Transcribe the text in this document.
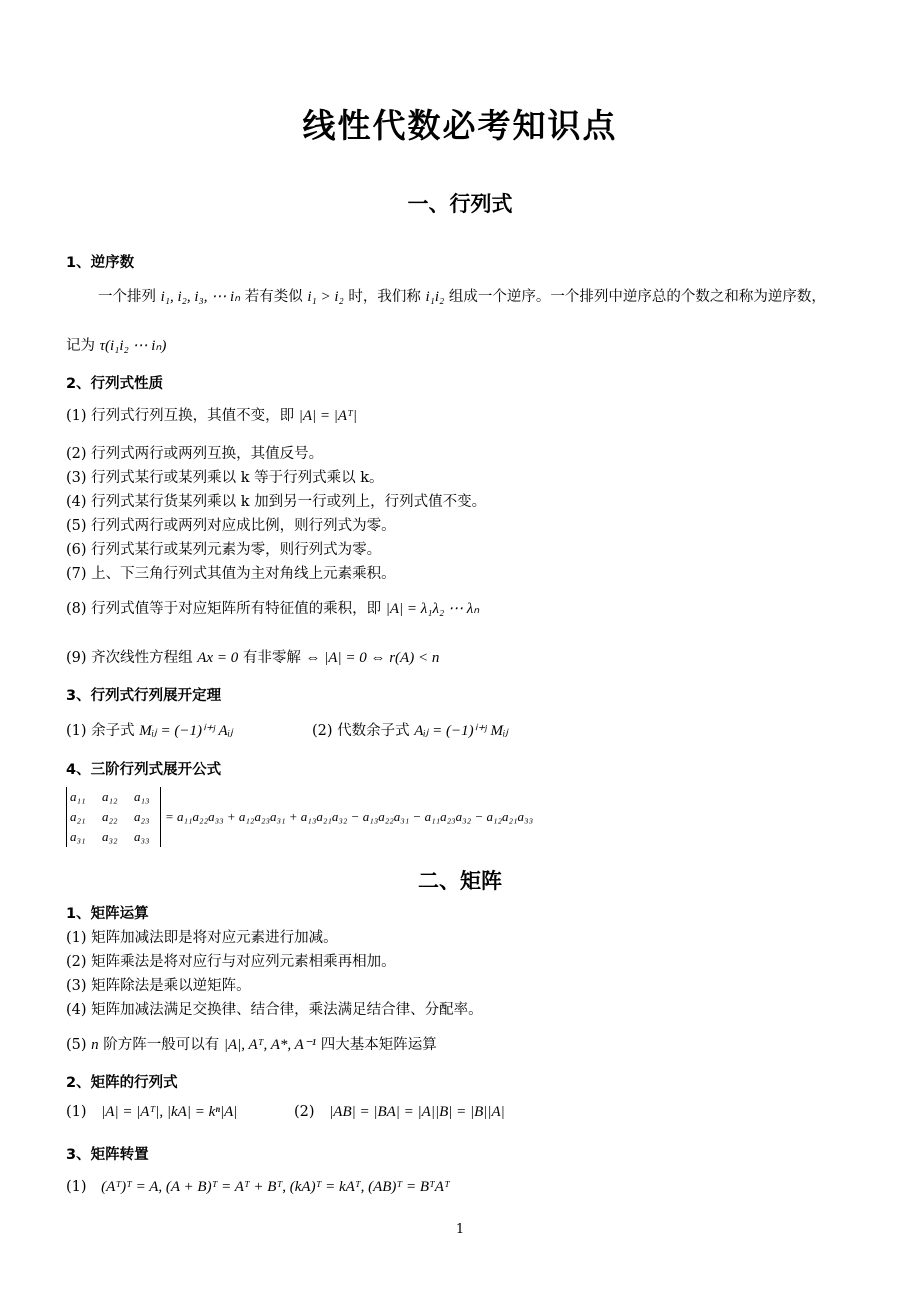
线性代数必考知识点
一、行列式
1、逆序数
一个排列 i₁, i₂, i₃, ⋯ iₙ 若有类似 i₁ > i₂ 时，我们称 i₁i₂ 组成一个逆序。一个排列中逆序总的个数之和称为逆序数，
记为 τ(i₁i₂ ⋯ iₙ)
2、行列式性质
(1) 行列式行列互换，其值不变，即 |A| = |Aᵀ|
(2) 行列式两行或两列互换，其值反号。
(3) 行列式某行或某列乘以 k 等于行列式乘以 k。
(4) 行列式某行货某列乘以 k 加到另一行或列上，行列式值不变。
(5) 行列式两行或两列对应成比例，则行列式为零。
(6) 行列式某行或某列元素为零，则行列式为零。
(7) 上、下三角行列式其值为主对角线上元素乘积。
(8) 行列式值等于对应矩阵所有特征值的乘积，即 |A| = λ₁λ₂ ⋯ λₙ
(9) 齐次线性方程组 Ax = 0 有非零解 ⇔ |A| = 0 ⇔ r(A) < n
3、行列式行列展开定理
(1) 余子式 Mᵢⱼ = (−1)ⁱ⁺ʲ Aᵢⱼ	(2) 代数余子式 Aᵢⱼ = (−1)ⁱ⁺ʲ Mᵢⱼ
4、三阶行列式展开公式
a₁₁	a₁₂	a₁₃
a₂₁	a₂₂	a₂₃
a₃₁	a₃₂	a₃₃
= a₁₁a₂₂a₃₃ + a₁₂a₂₃a₃₁ + a₁₃a₂₁a₃₂ − a₁₃a₂₂a₃₁ − a₁₁a₂₃a₃₂ − a₁₂a₂₁a₃₃
二、矩阵
1、矩阵运算
(1) 矩阵加减法即是将对应元素进行加减。
(2) 矩阵乘法是将对应行与对应列元素相乘再相加。
(3) 矩阵除法是乘以逆矩阵。
(4) 矩阵加减法满足交换律、结合律，乘法满足结合律、分配率。
(5) n 阶方阵一般可以有 |A|, Aᵀ, A*, A⁻¹ 四大基本矩阵运算
2、矩阵的行列式
(1) |A| = |Aᵀ|, |kA| = kⁿ|A|	(2) |AB| = |BA| = |A||B| = |B||A|
3、矩阵转置
(1) (Aᵀ)ᵀ = A, (A + B)ᵀ = Aᵀ + Bᵀ, (kA)ᵀ = kAᵀ, (AB)ᵀ = BᵀAᵀ
1
